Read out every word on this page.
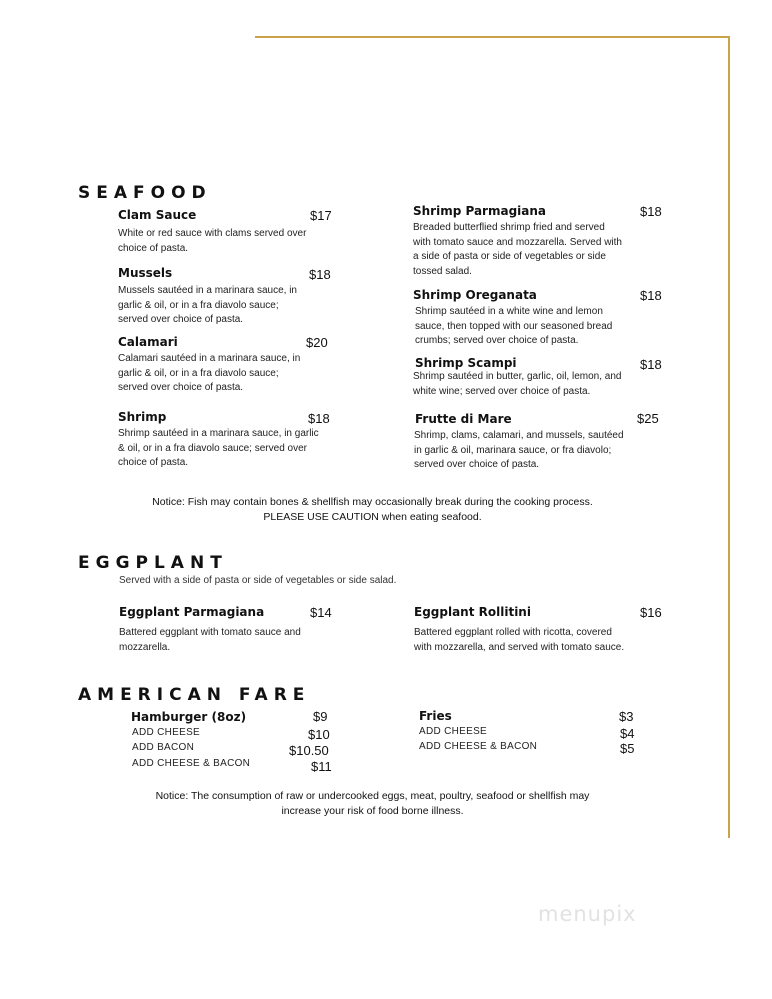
SEAFOOD
Clam Sauce	$17
White or red sauce with clams served over choice of pasta.
Mussels	$18
Mussels sautéed in a marinara sauce, in garlic & oil, or in a fra diavolo sauce; served over choice of pasta.
Calamari	$20
Calamari sautéed in a marinara sauce, in garlic & oil, or in a fra diavolo sauce; served over choice of pasta.
Shrimp	$18
Shrimp sautéed in a marinara sauce, in garlic & oil, or in a fra diavolo sauce; served over choice of pasta.
Shrimp Parmagiana	$18
Breaded butterflied shrimp fried and served with tomato sauce and mozzarella. Served with a side of pasta or side of vegetables or side tossed salad.
Shrimp Oreganata	$18
Shrimp sautéed in a white wine and lemon sauce, then topped with our seasoned bread crumbs; served over choice of pasta.
Shrimp Scampi	$18
Shrimp sautéed in butter, garlic, oil, lemon, and white wine; served over choice of pasta.
Frutte di Mare	$25
Shrimp, clams, calamari, and mussels, sautéed in garlic & oil, marinara sauce, or fra diavolo; served over choice of pasta.
Notice: Fish may contain bones & shellfish may occasionally break during the cooking process.
PLEASE USE CAUTION when eating seafood.
EGGPLANT
Served with a side of pasta or side of vegetables or side salad.
Eggplant Parmagiana	$14
Battered eggplant with tomato sauce and mozzarella.
Eggplant Rollitini	$16
Battered eggplant rolled with ricotta, covered with mozzarella, and served with tomato sauce.
AMERICAN FARE
Hamburger (8oz)	$9
ADD CHEESE	$10
ADD BACON	$10.50
ADD CHEESE & BACON	$11
Fries	$3
ADD CHEESE	$4
ADD CHEESE & BACON	$5
Notice: The consumption of raw or undercooked eggs, meat, poultry, seafood or shellfish may
increase your risk of food borne illness.
menupix
